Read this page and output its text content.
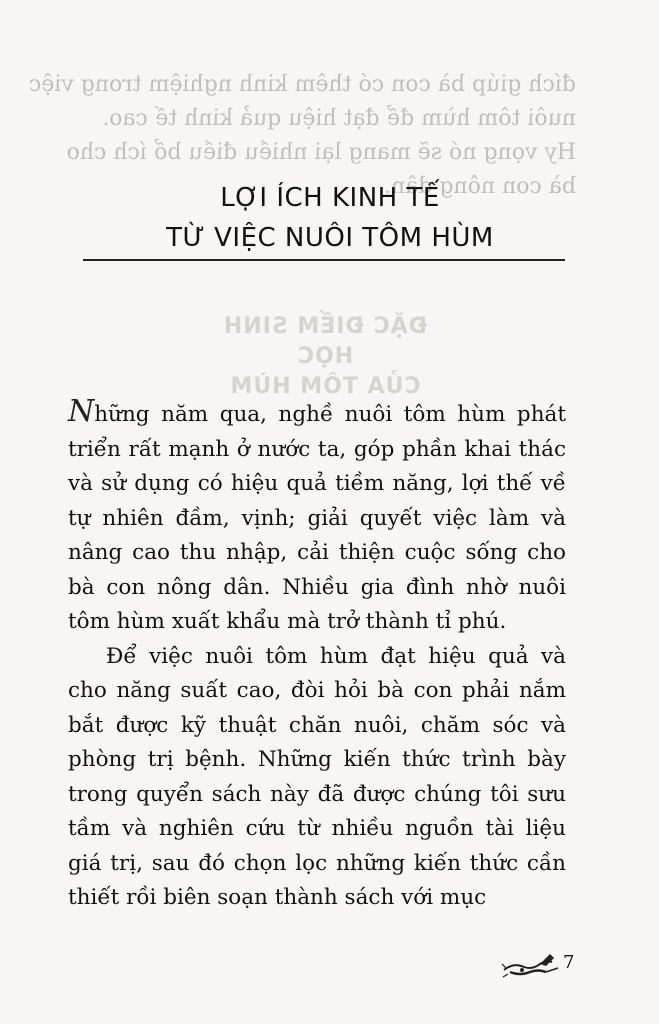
đích giúp bà con có thêm kinh nghiệm trong việc
nuôi tôm hùm để đạt hiệu quả kinh tế cao.
Hy vọng nó sẽ mang lại nhiều điều bổ ích cho
bà con nông dân.
ĐẶC ĐIỂM SINH HỌC
CỦA TÔM HÙM
LỢI ÍCH KINH TẾ
TỪ VIỆC NUÔI TÔM HÙM

Những năm qua, nghề nuôi tôm hùm phát triển rất mạnh ở nước ta, góp phần khai thác và sử dụng có hiệu quả tiềm năng, lợi thế về tự nhiên đầm, vịnh; giải quyết việc làm và nâng cao thu nhập, cải thiện cuộc sống cho bà con nông dân. Nhiều gia đình nhờ nuôi tôm hùm xuất khẩu mà trở thành tỉ phú.

Để việc nuôi tôm hùm đạt hiệu quả và cho năng suất cao, đòi hỏi bà con phải nắm bắt được kỹ thuật chăn nuôi, chăm sóc và phòng trị bệnh. Những kiến thức trình bày trong quyển sách này đã được chúng tôi sưu tầm và nghiên cứu từ nhiều nguồn tài liệu giá trị, sau đó chọn lọc những kiến thức cần thiết rồi biên soạn thành sách với mục

7
